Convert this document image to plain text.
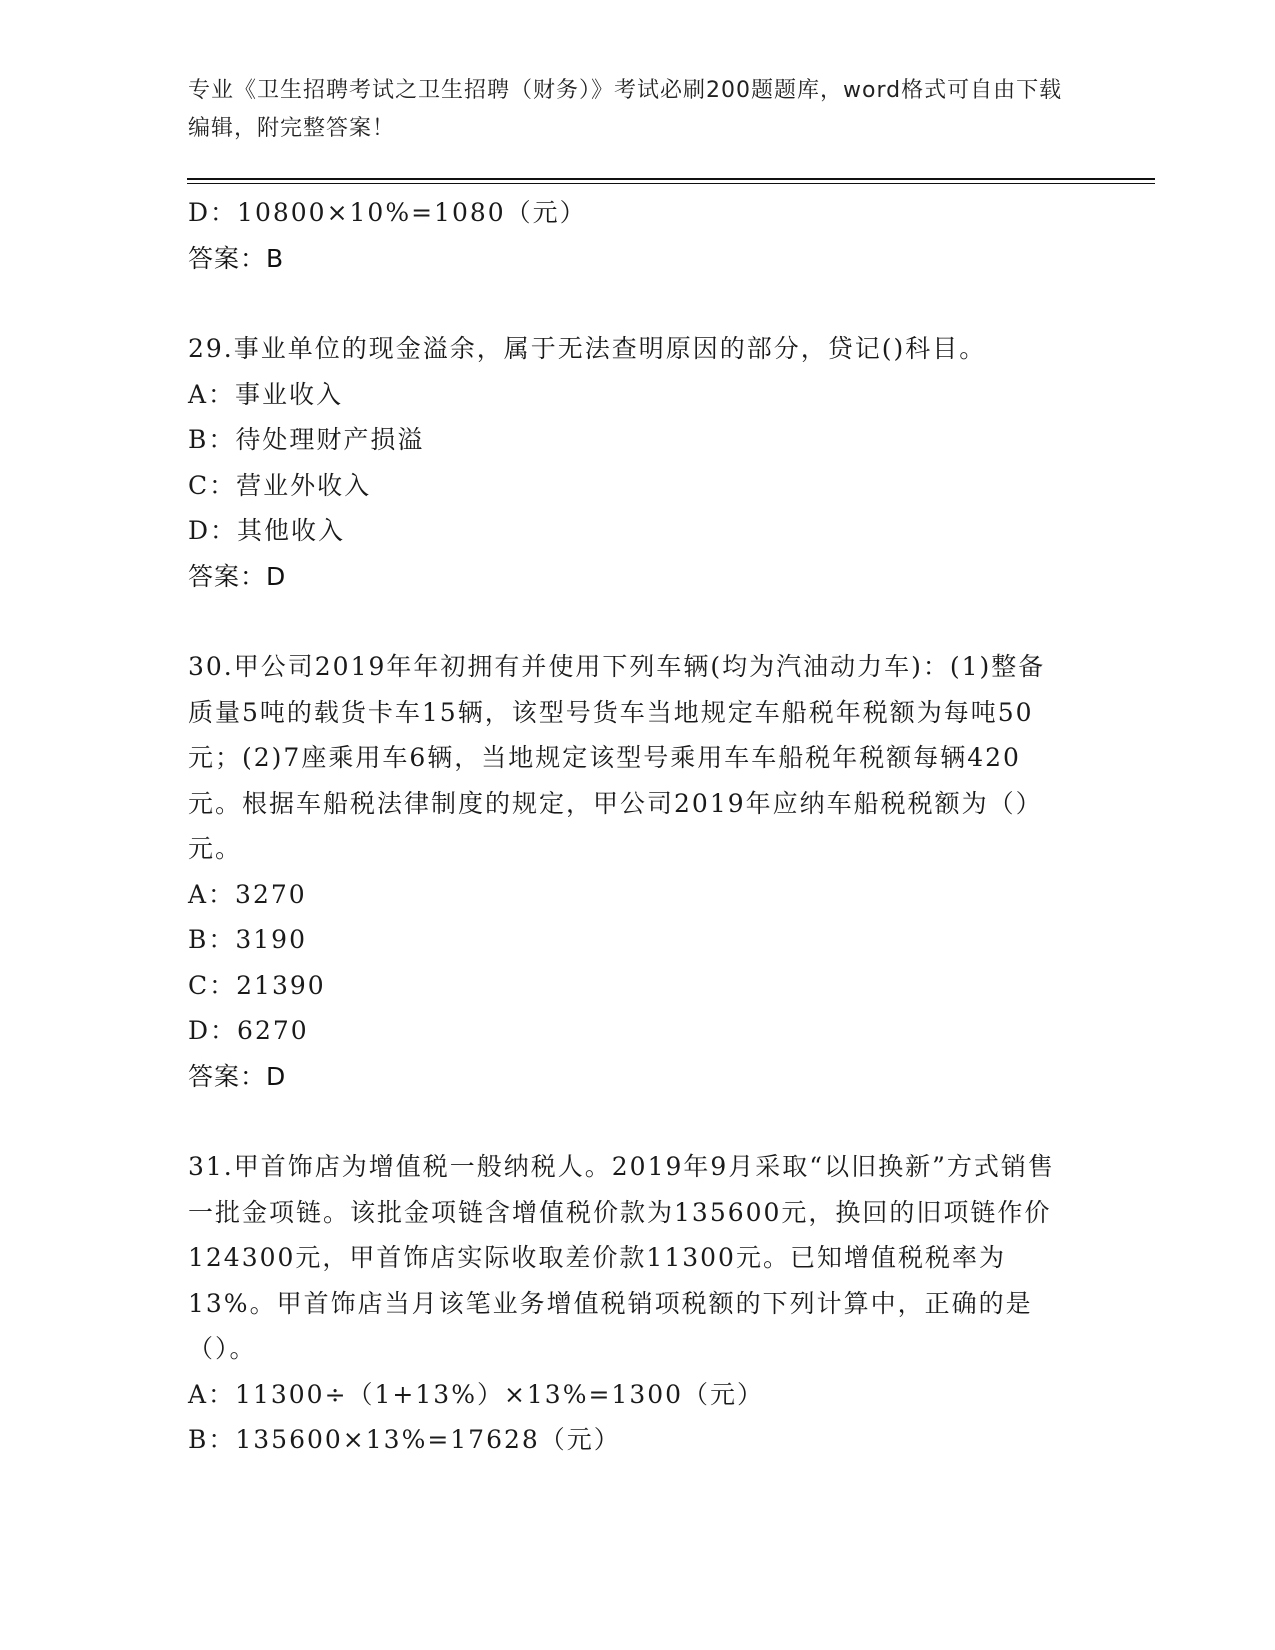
专业《卫生招聘考试之卫生招聘（财务）》考试必刷200题题库，word格式可自由下载编辑，附完整答案！
D：10800×10%=1080（元）
答案：B
29.事业单位的现金溢余，属于无法查明原因的部分，贷记()科目。
A：事业收入
B：待处理财产损溢
C：营业外收入
D：其他收入
答案：D
30.甲公司2019年年初拥有并使用下列车辆(均为汽油动力车)：(1)整备质量5吨的载货卡车15辆，该型号货车当地规定车船税年税额为每吨50元；(2)7座乘用车6辆，当地规定该型号乘用车车船税年税额每辆420元。根据车船税法律制度的规定，甲公司2019年应纳车船税税额为（）元。
A：3270
B：3190
C：21390
D：6270
答案：D
31.甲首饰店为增值税一般纳税人。2019年9月采取“以旧换新”方式销售一批金项链。该批金项链含增值税价款为135600元，换回的旧项链作价124300元，甲首饰店实际收取差价款11300元。已知增值税税率为13%。甲首饰店当月该笔业务增值税销项税额的下列计算中，正确的是（）。
A：11300÷（1+13%）×13%=1300（元）
B：135600×13%=17628（元）
